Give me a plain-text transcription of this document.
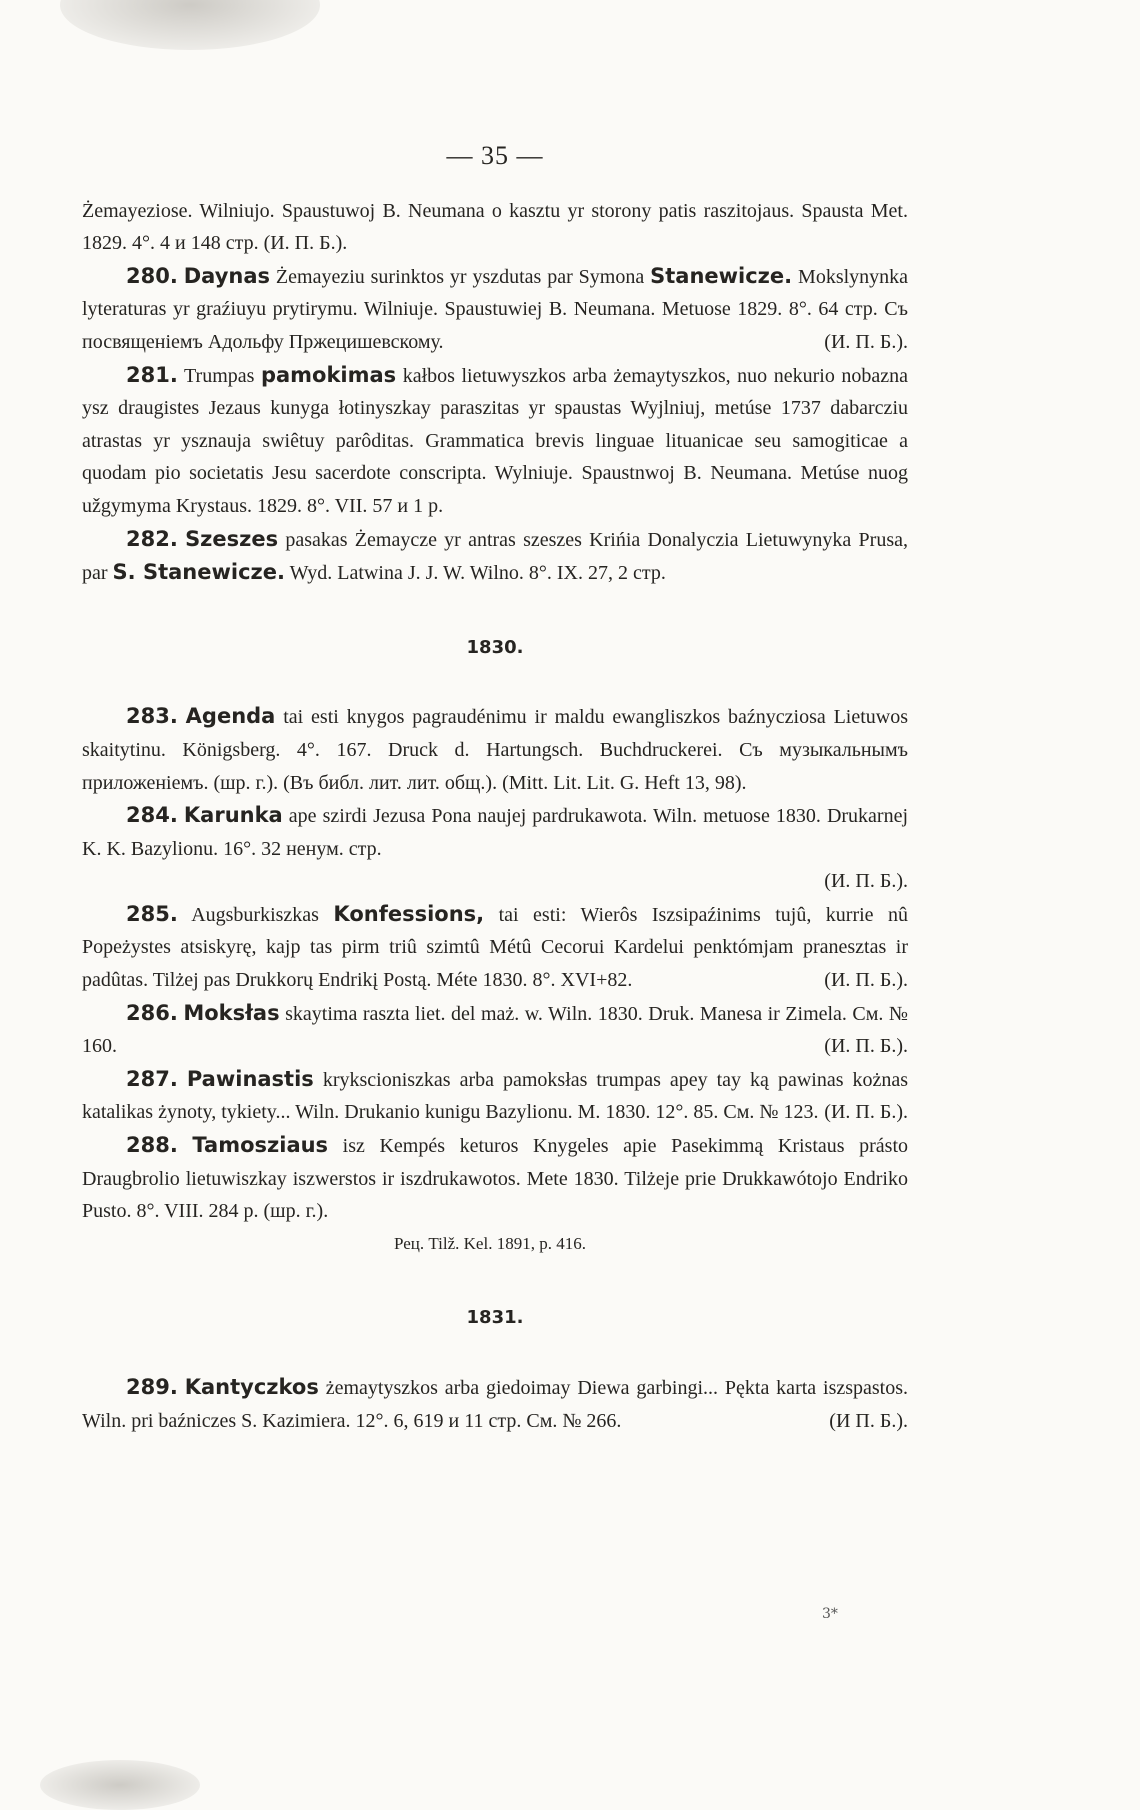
— 35 —
Żemayeziose. Wilniujo. Spaustuwoj B. Neumana o kasztu yr storony patis raszitojaus. Spausta Met. 1829. 4°. 4 и 148 стр. (И. П. Б.).
280. Daynas Żemayeziu surinktos yr yszdutas par Symona Stanewicze. Mokslynynka lyteraturas yr graźiuyu prytirymu. Wilniuje. Spaustuwiej B. Neumana. Metuose 1829. 8°. 64 стр. Съ посвященіемъ Адольфу Пржецишевскому.	(И. П. Б.).
281. Trumpas pamokimas kałbos lietuwyszkos arba żemaytyszkos, nuo nekurio nobazna ysz draugistes Jezaus kunyga łotinyszkay paraszitas yr spaustas Wyjlniuj, metúse 1737 dabarcziu atrastas yr ysznauja swiêtuy parôditas. Grammatica brevis linguae lituanicae seu samogiticae a quodam pio societatis Jesu sacerdote conscripta. Wylniuje. Spaustnwoj B. Neumana. Metúse nuog užgymyma Krystaus. 1829. 8°. VII. 57 и 1 р.
282. Szeszes pasakas Żemaycze yr antras szeszes Krińia Donalyczia Lietuwynyka Prusa, par S. Stanewicze. Wyd. Latwina J. J. W. Wilno. 8°. IX. 27, 2 стр.
1830.
283. Agenda tai esti knygos pagraudénimu ir maldu ewangliszkos baźnycziosa Lietuwos skaitytinu. Königsberg. 4°. 167. Druck d. Hartungsch. Buchdruckerei. Съ музыкальнымъ приложеніемъ. (шр. г.). (Въ библ. лит. лит. общ.). (Mitt. Lit. Lit. G. Heft 13, 98).
284. Karunka ape szirdi Jezusa Pona naujej pardrukawota. Wiln. metuose 1830. Drukarnej K. K. Bazylionu. 16°. 32 ненум. стр.
(И. П. Б.).
285. Augsburkiszkas Konfessions, tai esti: Wierôs Iszsipaźinims tujû, kurrie nû Popeżystes atsiskyrę, kajp tas pirm triû szimtû Métû Cecorui Kardelui penktómjam pranesztas ir padûtas. Tilżej pas Drukkorų Endrikį Postą. Méte 1830. 8°. XVI+82.	(И. П. Б.).
286. Moksłas skaytima raszta liet. del maż. w. Wiln. 1830. Druk. Manesa ir Zimela. См. № 160.	(И. П. Б.).
287. Pawinastis krykscioniszkas arba pamoksłas trumpas apey tay ką pawinas kożnas katalikas żynoty, tykiety... Wiln. Drukanio kunigu Bazylionu. M. 1830. 12°. 85. См. № 123. (И. П. Б.).
288. Tamosziaus isz Kempés keturos Knygeles apie Pasekimmą Kristaus prásto Draugbrolio lietuwiszkay iszwerstos ir iszdrukawotos. Mete 1830. Tilżeje prie Drukkawótojo Endriko Pusto. 8°. VIII. 284 р. (шр. г.).
Рец. Tilž. Kel. 1891, p. 416.
1831.
289. Kantyczkos żemaytyszkos arba giedoimay Diewa garbingi... Pękta karta iszspastos. Wiln. pri baźniczes S. Kazimiera. 12°. 6, 619 и 11 стр. См. № 266.	(И П. Б.).
3*
